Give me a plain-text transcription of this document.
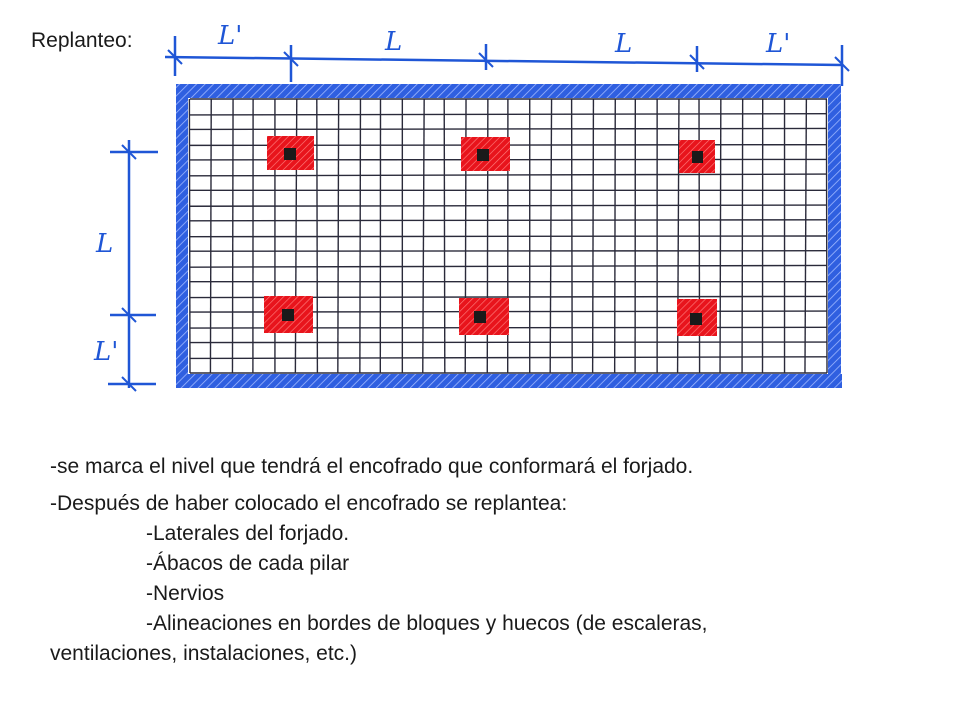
Replanteo:	L'	L	L	L'
L
L'

-se marca el nivel que tendrá el encofrado que conformará el forjado.

-Después de haber colocado el encofrado se replantea:

-Laterales del forjado.

-Ábacos de cada pilar

-Nervios

-Alineaciones en bordes de bloques y huecos (de escaleras,

ventilaciones, instalaciones, etc.)
